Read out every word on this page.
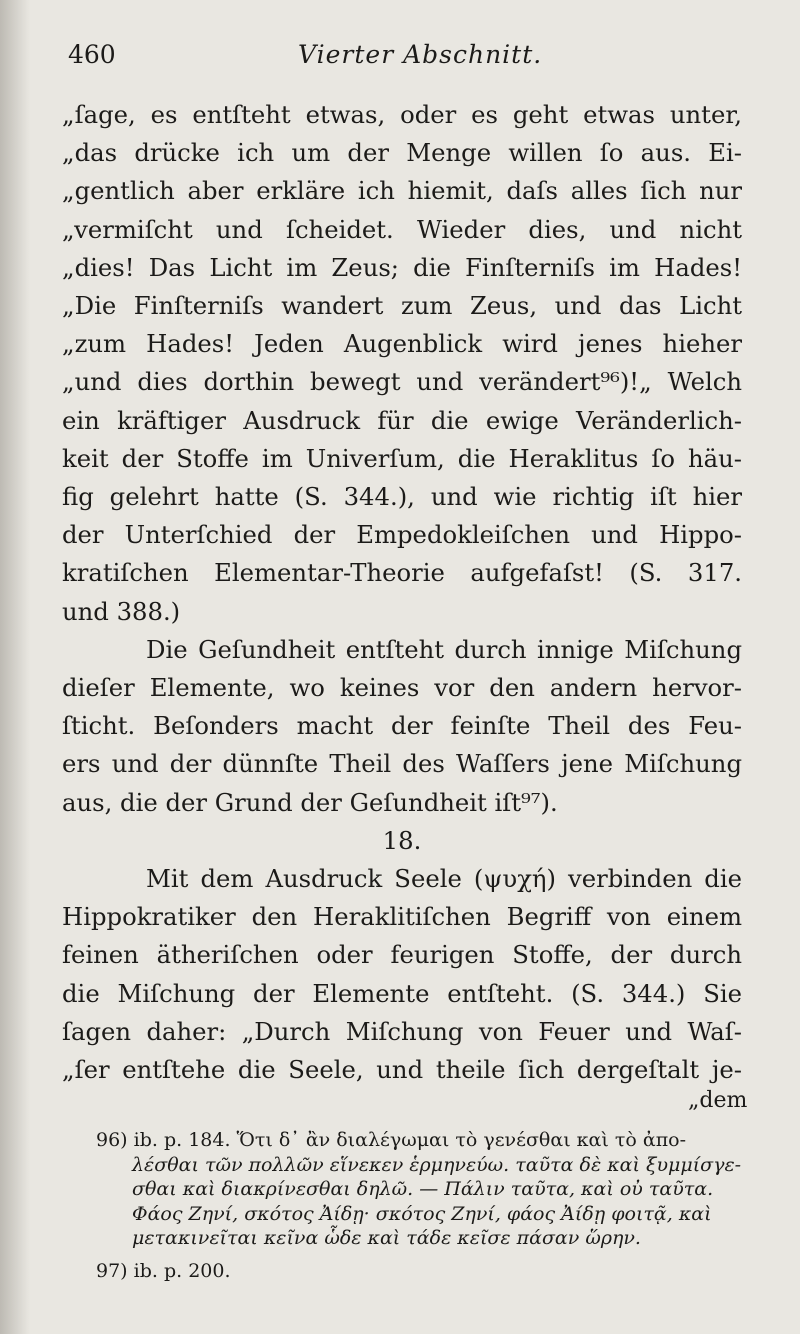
460	Vierter Abschnitt.
„ſage, es entſteht etwas, oder es geht etwas unter,
„das drücke ich um der Menge willen ſo aus. Ei-
„gentlich aber erkläre ich hiemit, daſs alles ſich nur
„vermiſcht und ſcheidet. Wieder dies, und nicht
„dies! Das Licht im Zeus; die Finſterniſs im Hades!
„Die Finſterniſs wandert zum Zeus, und das Licht
„zum Hades! Jeden Augenblick wird jenes hieher
„und dies dorthin bewegt und verändert⁹⁶)!„ Welch
ein kräftiger Ausdruck für die ewige Veränderlich-
keit der Stoffe im Univerſum, die Heraklitus ſo häu-
fig gelehrt hatte (S. 344.), und wie richtig iſt hier
der Unterſchied der Empedokleiſchen und Hippo-
kratiſchen Elementar-Theorie aufgefaſst! (S. 317.
und 388.)
Die Geſundheit entſteht durch innige Miſchung
dieſer Elemente, wo keines vor den andern hervor-
ſticht. Beſonders macht der feinſte Theil des Feu-
ers und der dünnſte Theil des Waſſers jene Miſchung
aus, die der Grund der Geſundheit iſt⁹⁷).
18.
Mit dem Ausdruck Seele (ψυχή) verbinden die
Hippokratiker den Heraklitiſchen Begriff von einem
feinen ätheriſchen oder feurigen Stoffe, der durch
die Miſchung der Elemente entſteht. (S. 344.) Sie
ſagen daher: „Durch Miſchung von Feuer und Waſ-
„ſer entſtehe die Seele, und theile ſich dergeſtalt je-
„dem
96) ib. p. 184. Ὅτι δ᾽ ἂν διαλέγωμαι τὸ γενέσθαι καὶ τὸ ἀπο-
λέσθαι τῶν πολλῶν εἵνεκεν ἑρμηνεύω. ταῦτα δὲ καὶ ξυμμίσγε-
σθαι καὶ διακρίνεσθαι δηλῶ. — Πάλιν ταῦτα, καὶ οὐ ταῦτα.
Φάος Ζηνί, σκότος Ἀίδῃ· σκότος Ζηνί, φάος Ἀίδῃ φοιτᾷ, καὶ
μετακινεῖται κεῖνα ὧδε καὶ τάδε κεῖσε πάσαν ὥρην.
97) ib. p. 200.
